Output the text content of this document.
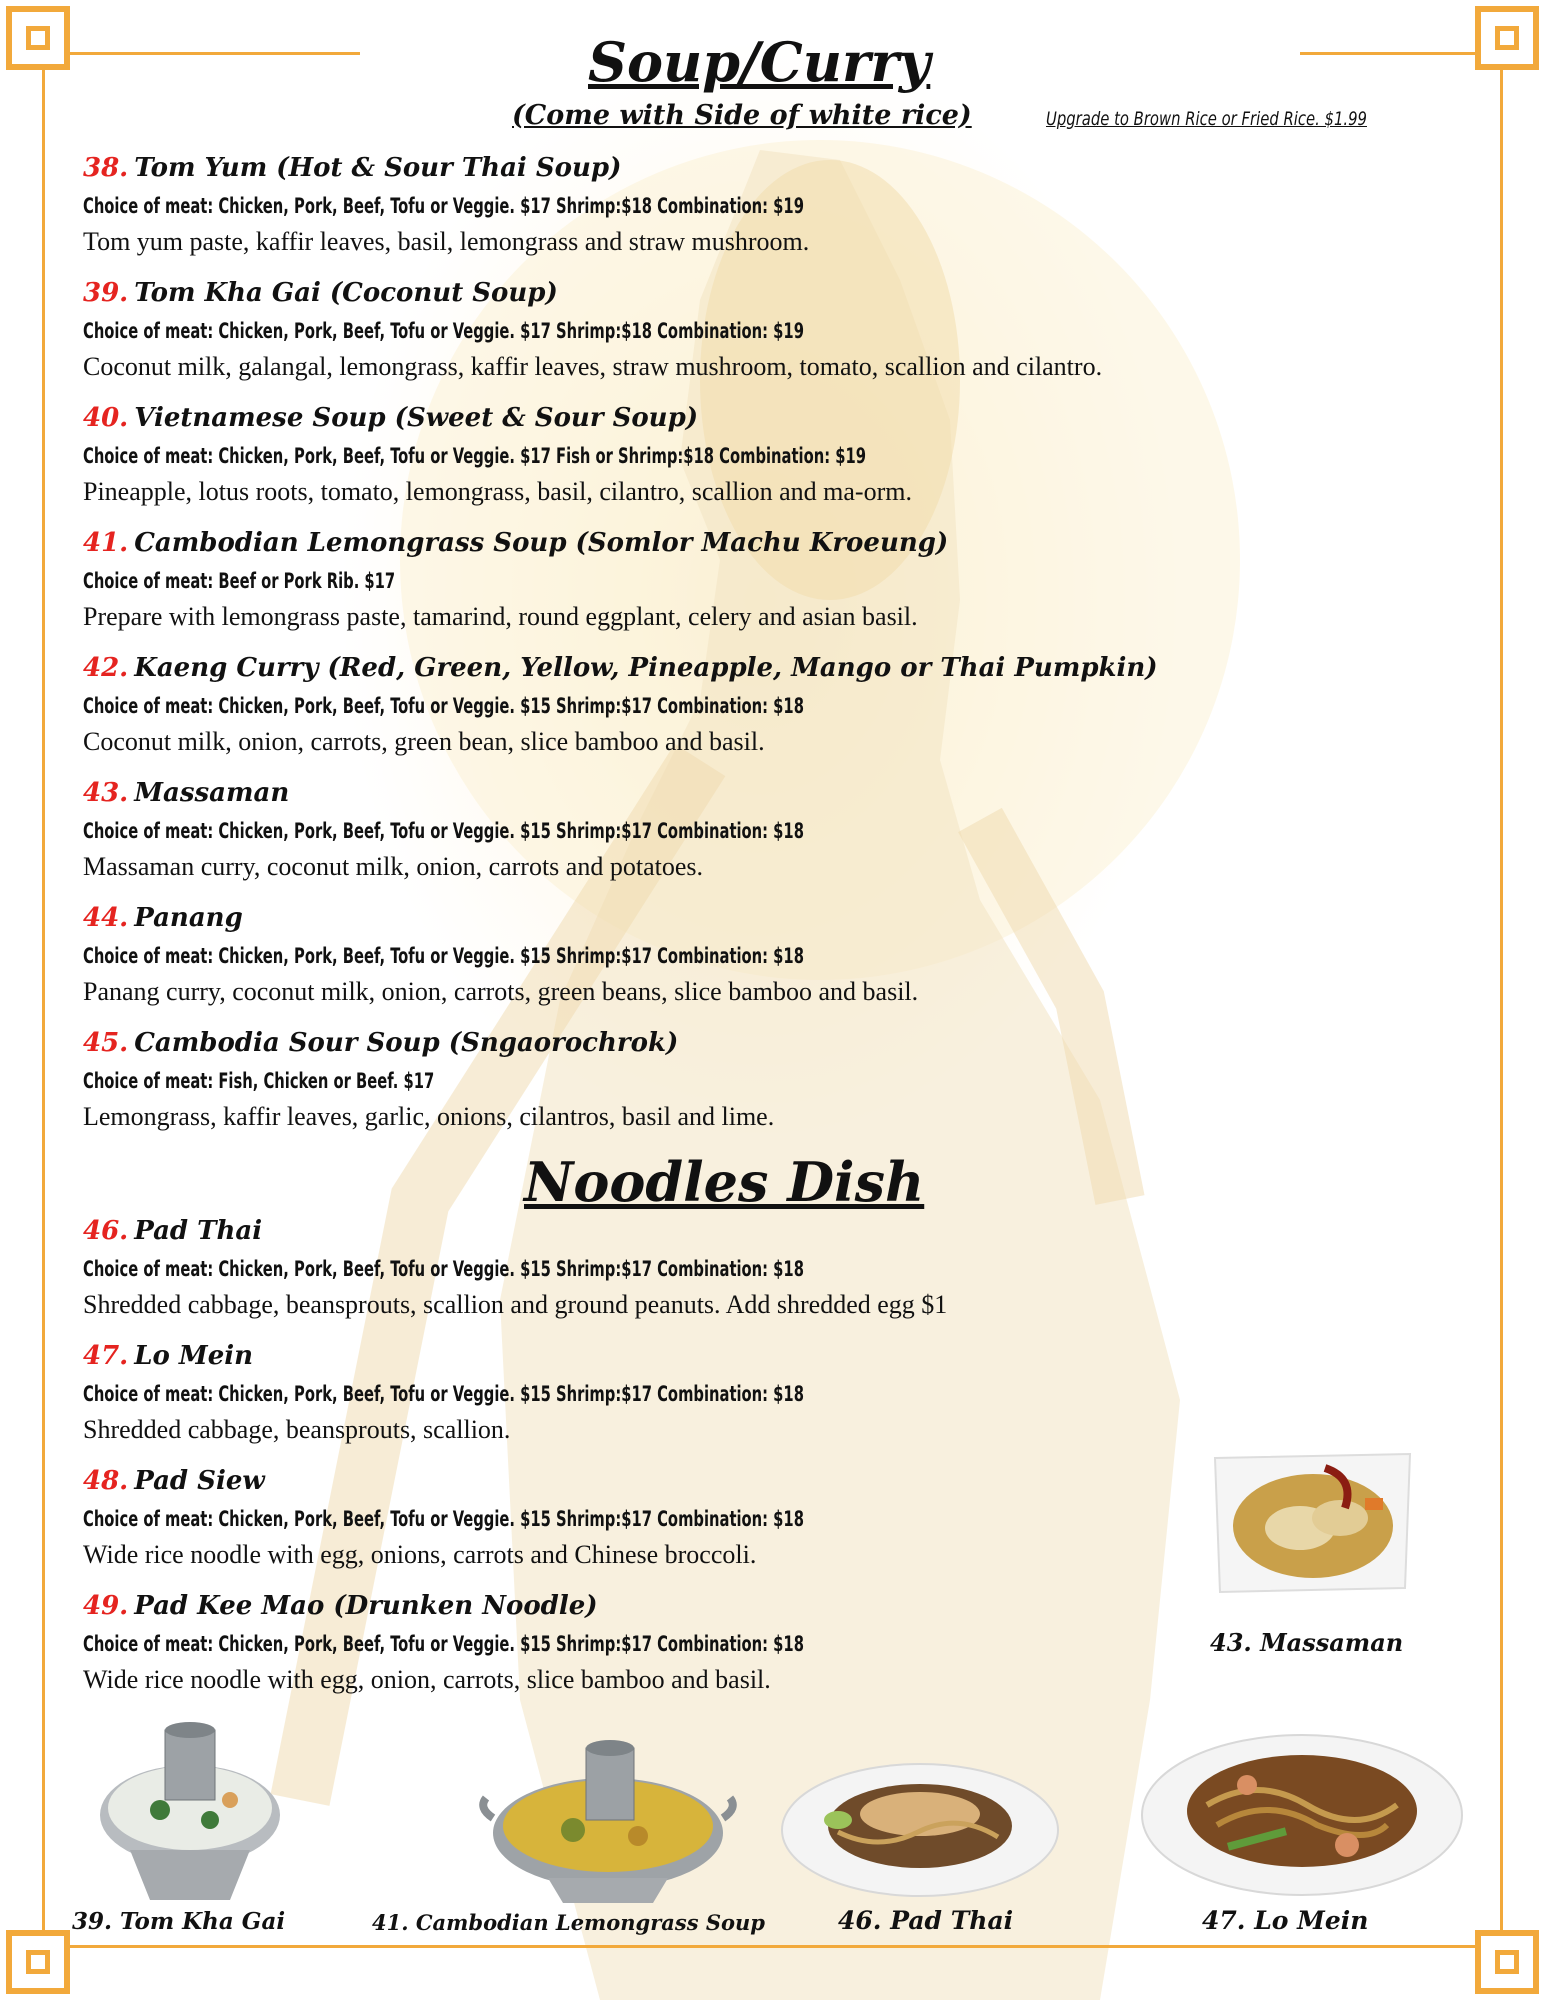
Soup/Curry
(Come with Side of white rice)	Upgrade to Brown Rice or Fried Rice. $1.99
38. Tom Yum (Hot & Sour Thai Soup)
Choice of meat: Chicken, Pork, Beef, Tofu or Veggie. $17 Shrimp:$18 Combination: $19
Tom yum paste, kaffir leaves, basil, lemongrass and straw mushroom.
39. Tom Kha Gai (Coconut Soup)
Choice of meat: Chicken, Pork, Beef, Tofu or Veggie. $17 Shrimp:$18 Combination: $19
Coconut milk, galangal, lemongrass, kaffir leaves, straw mushroom, tomato, scallion and cilantro.
40. Vietnamese Soup (Sweet & Sour Soup)
Choice of meat: Chicken, Pork, Beef, Tofu or Veggie. $17 Fish or Shrimp:$18 Combination: $19
Pineapple, lotus roots, tomato, lemongrass, basil, cilantro, scallion and ma-orm.
41. Cambodian Lemongrass Soup (Somlor Machu Kroeung)
Choice of meat: Beef or Pork Rib. $17
Prepare with lemongrass paste, tamarind, round eggplant, celery and asian basil.
42. Kaeng Curry (Red, Green, Yellow, Pineapple, Mango or Thai Pumpkin)
Choice of meat: Chicken, Pork, Beef, Tofu or Veggie. $15 Shrimp:$17 Combination: $18
Coconut milk, onion, carrots, green bean, slice bamboo and basil.
43. Massaman
Choice of meat: Chicken, Pork, Beef, Tofu or Veggie. $15 Shrimp:$17 Combination: $18
Massaman curry, coconut milk, onion, carrots and potatoes.
44. Panang
Choice of meat: Chicken, Pork, Beef, Tofu or Veggie. $15 Shrimp:$17 Combination: $18
Panang curry, coconut milk, onion, carrots, green beans, slice bamboo and basil.
45. Cambodia Sour Soup (Sngaorochrok)
Choice of meat: Fish, Chicken or Beef. $17
Lemongrass, kaffir leaves, garlic, onions, cilantros, basil and lime.
Noodles Dish
46. Pad Thai
Choice of meat: Chicken, Pork, Beef, Tofu or Veggie. $15 Shrimp:$17 Combination: $18
Shredded cabbage, beansprouts, scallion and ground peanuts. Add shredded egg $1
47. Lo Mein
Choice of meat: Chicken, Pork, Beef, Tofu or Veggie. $15 Shrimp:$17 Combination: $18
Shredded cabbage, beansprouts, scallion.
48. Pad Siew
Choice of meat: Chicken, Pork, Beef, Tofu or Veggie. $15 Shrimp:$17 Combination: $18
Wide rice noodle with egg, onions, carrots and Chinese broccoli.
49. Pad Kee Mao (Drunken Noodle)
Choice of meat: Chicken, Pork, Beef, Tofu or Veggie. $15 Shrimp:$17 Combination: $18
Wide rice noodle with egg, onion, carrots, slice bamboo and basil.
43. Massaman
39. Tom Kha Gai	41. Cambodian Lemongrass Soup	46. Pad Thai	47. Lo Mein
